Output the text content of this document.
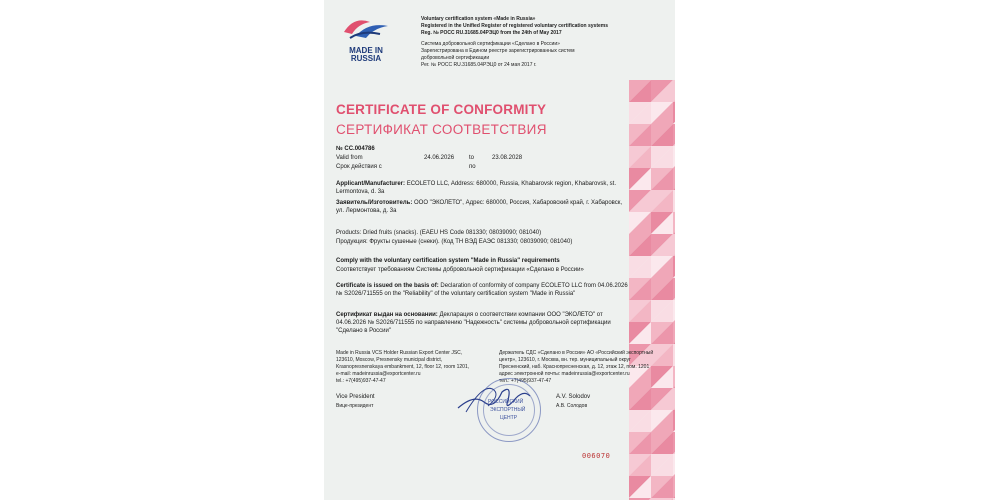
MADE IN
RUSSIA
Voluntary certification system «Made in Russia»
Registered in the Unified Register of registered voluntary certification systems
Reg. № POCC RU.31685.04РЭЦ0 from the 24th of May 2017
Система добровольной сертификации «Сделано в России»
Зарегистрирована в Едином реестре зарегистрированных систем
добровольной сертификации
Рег. № POCC RU.31685.04РЭЦ0 от 24 мая 2017 г.
CERTIFICATE OF CONFORMITY
СЕРТИФИКАТ СООТВЕТСТВИЯ
№ CC.004786
Valid from
Срок действия с
24.06.2026 to
по
23.08.2028
Applicant/Manufacturer: ECOLETO LLC, Address: 680000, Russia, Khabarovsk region, Khabarovsk, st. Lermontova, d. 3a
Заявитель/Изготовитель: ООО "ЭКОЛЕТО", Адрес: 680000, Россия, Хабаровский край, г. Хабаровск, ул. Лермонтова, д. 3а
Products: Dried fruits (snacks). (EAEU HS Code 081330; 08039090; 081040)
Продукция: Фрукты сушеные (снеки). (Код ТН ВЭД ЕАЭС 081330; 08039090; 081040)
Comply with the voluntary certification system "Made in Russia" requirements
Соответствует требованиям Системы добровольной сертификации «Сделано в России»
Certificate is issued on the basis of: Declaration of conformity of company ECOLETO LLC from 04.06.2026 № S2026/711555 on the "Reliability" of the voluntary certification system "Made in Russia"
Сертификат выдан на основании: Декларация о соответствии компании ООО "ЭКОЛЕТО" от 04.06.2026 № S2026/711555 по направлению "Надежность" системы добровольной сертификации "Сделано в России"
Made in Russia VCS Holder Russian Export Center JSC,
123610, Moscow, Presnensky municipal district,
Krasnopresnenskaya embankment, 12, floor 12, room 1201,
e-mail: madeinrussia@exportcenter.ru
tel.: +7(495)937-47-47
Держатель СДС «Сделано в России» АО «Российский экспортный
центр», 123610, г. Москва, вн. тер. муниципальный округ
Пресненский, наб. Краснопресненская, д. 12, этаж 12, пом. 1201
адрес электронной почты: madeinrussia@exportcenter.ru
тел.: +7(495)937-47-47
Vice President
Вице-президент
A.V. Solodov
А.В. Солодов
РОССИЙСКИЙ
ЭКСПОРТНЫЙ
ЦЕНТР
006070
